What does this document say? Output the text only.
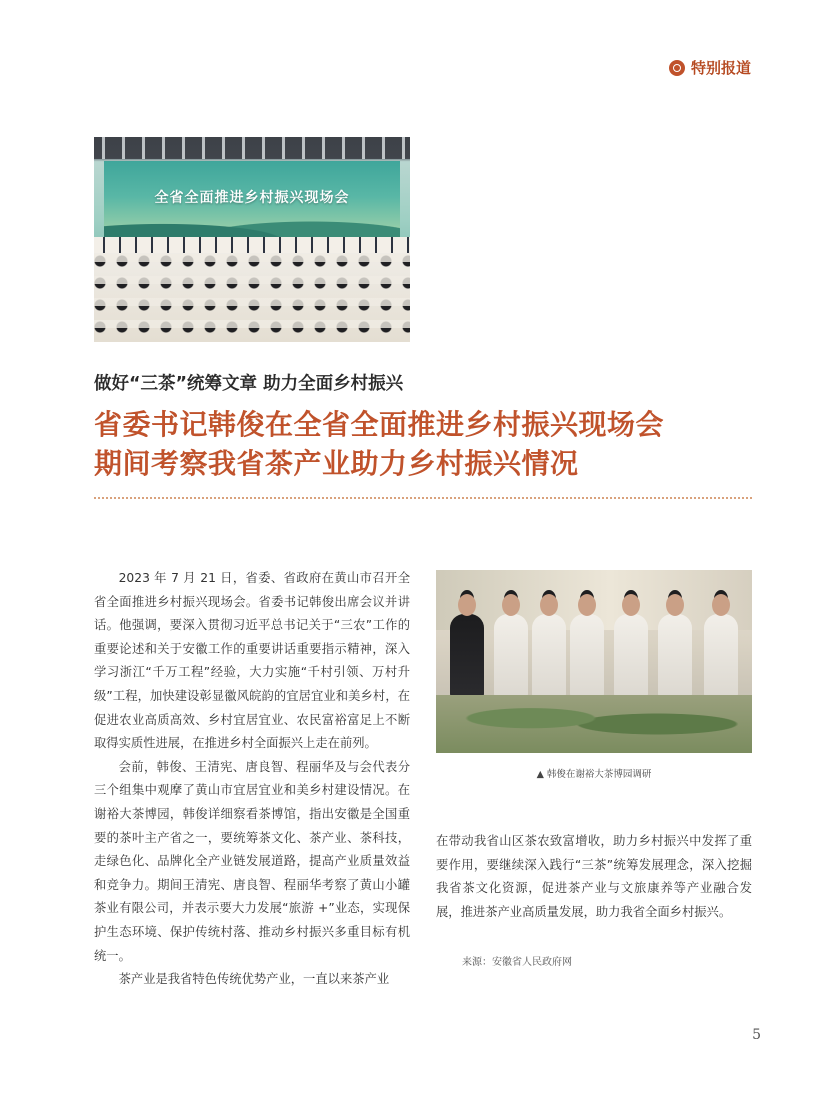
特别报道
全省全面推进乡村振兴现场会
做好“三茶”统筹文章 助力全面乡村振兴
省委书记韩俊在全省全面推进乡村振兴现场会
期间考察我省茶产业助力乡村振兴情况

2023 年 7 月 21 日，省委、省政府在黄山市召开全省全面推进乡村振兴现场会。省委书记韩俊出席会议并讲话。他强调，要深入贯彻习近平总书记关于“三农”工作的重要论述和关于安徽工作的重要讲话重要指示精神，深入学习浙江“千万工程”经验，大力实施“千村引领、万村升级”工程，加快建设彰显徽风皖韵的宜居宜业和美乡村，在促进农业高质高效、乡村宜居宜业、农民富裕富足上不断取得实质性进展，在推进乡村全面振兴上走在前列。

会前，韩俊、王清宪、唐良智、程丽华及与会代表分三个组集中观摩了黄山市宜居宜业和美乡村建设情况。在谢裕大茶博园，韩俊详细察看茶博馆，指出安徽是全国重要的茶叶主产省之一，要统筹茶文化、茶产业、茶科技，走绿色化、品牌化全产业链发展道路，提高产业质量效益和竞争力。期间王清宪、唐良智、程丽华考察了黄山小罐茶业有限公司，并表示要大力发展“旅游 +”业态，实现保护生态环境、保护传统村落、推动乡村振兴多重目标有机统一。

茶产业是我省特色传统优势产业，一直以来茶产业

▲ 韩俊在谢裕大茶博园调研

在带动我省山区茶农致富增收，助力乡村振兴中发挥了重要作用，要继续深入践行“三茶”统筹发展理念，深入挖掘我省茶文化资源，促进茶产业与文旅康养等产业融合发展，推进茶产业高质量发展，助力我省全面乡村振兴。

来源：安徽省人民政府网

5
